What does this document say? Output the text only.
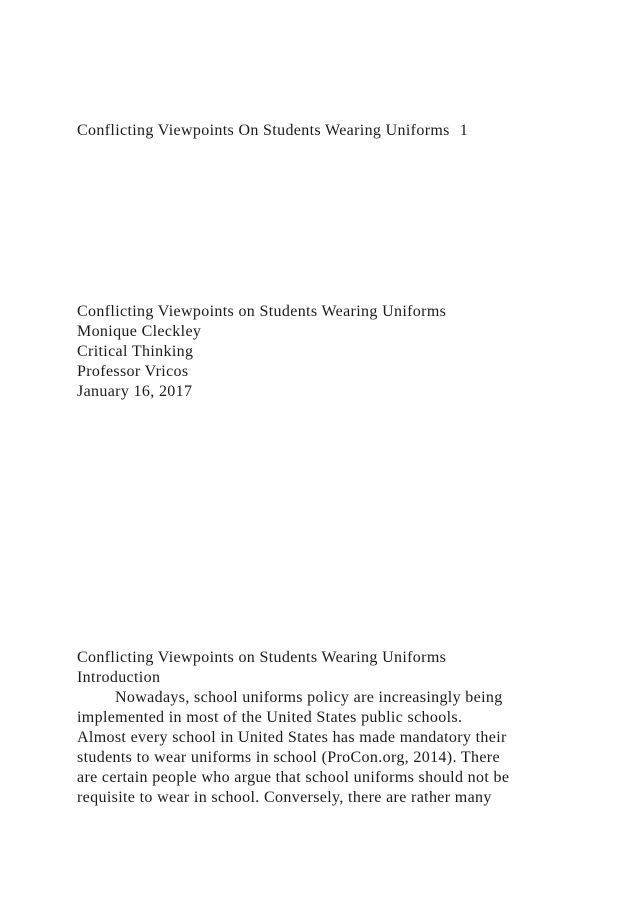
Conflicting Viewpoints On Students Wearing Uniforms 1
Conflicting Viewpoints on Students Wearing Uniforms
Monique Cleckley
Critical Thinking
Professor Vricos
January 16, 2017
Conflicting Viewpoints on Students Wearing Uniforms
Introduction
Nowadays, school uniforms policy are increasingly being
implemented in most of the United States public schools.
Almost every school in United States has made mandatory their
students to wear uniforms in school (ProCon.org, 2014). There
are certain people who argue that school uniforms should not be
requisite to wear in school. Conversely, there are rather many
